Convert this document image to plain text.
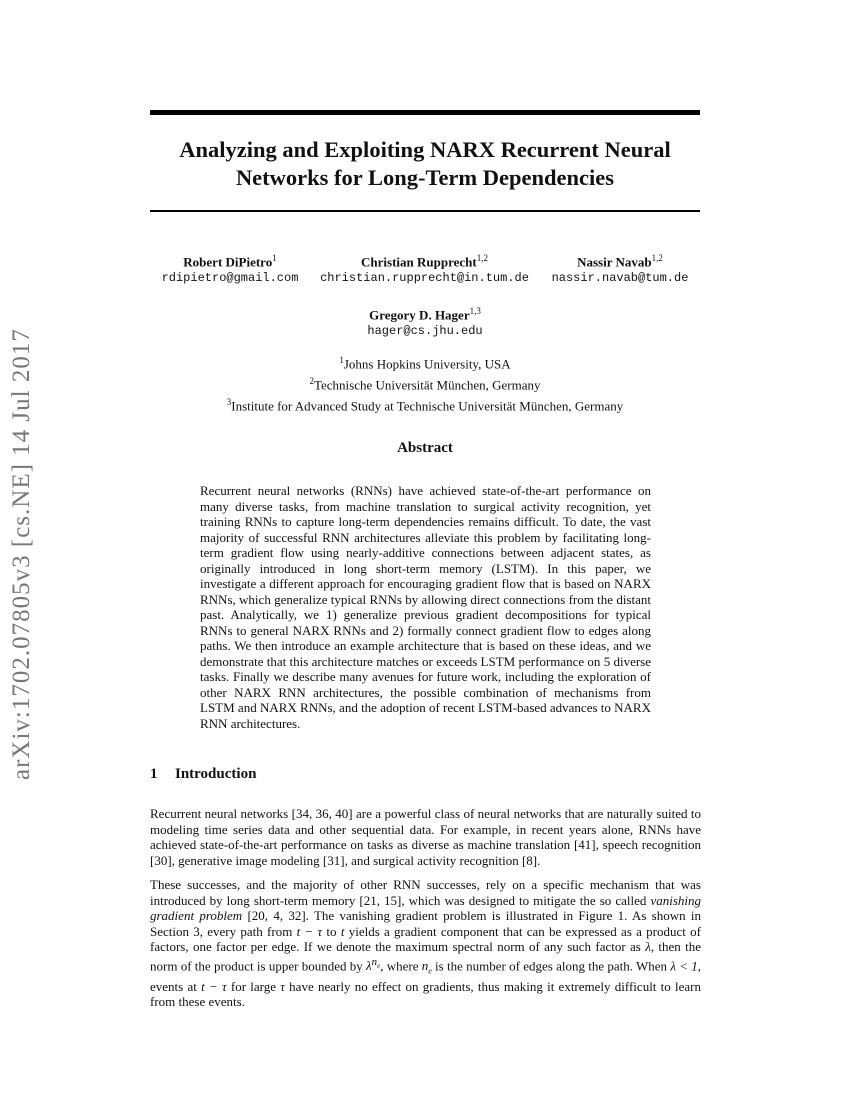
arXiv:1702.07805v3 [cs.NE] 14 Jul 2017
Analyzing and Exploiting NARX Recurrent Neural Networks for Long-Term Dependencies
Robert DiPietro$^1$
rdipietro@gmail.com
Christian Rupprecht$^{1,2}$
christian.rupprecht@in.tum.de
Nassir Navab$^{1,2}$
nassir.navab@tum.de
Gregory D. Hager$^{1,3}$
hager@cs.jhu.edu
$^1$Johns Hopkins University, USA
$^2$Technische Universität München, Germany
$^3$Institute for Advanced Study at Technische Universität München, Germany
Abstract

Recurrent neural networks (RNNs) have achieved state-of-the-art performance on many diverse tasks, from machine translation to surgical activity recognition, yet training RNNs to capture long-term dependencies remains difficult. To date, the vast majority of successful RNN architectures alleviate this problem by facilitating long-term gradient flow using nearly-additive connections between adjacent states, as originally introduced in long short-term memory (LSTM). In this paper, we investigate a different approach for encouraging gradient flow that is based on NARX RNNs, which generalize typical RNNs by allowing direct connections from the distant past. Analytically, we 1) generalize previous gradient decompositions for typical RNNs to general NARX RNNs and 2) formally connect gradient flow to edges along paths. We then introduce an example architecture that is based on these ideas, and we demonstrate that this architecture matches or exceeds LSTM performance on 5 diverse tasks. Finally we describe many avenues for future work, including the exploration of other NARX RNN architectures, the possible combination of mechanisms from LSTM and NARX RNNs, and the adoption of recent LSTM-based advances to NARX RNN architectures.

1 Introduction

Recurrent neural networks [34, 36, 40] are a powerful class of neural networks that are naturally suited to modeling time series data and other sequential data. For example, in recent years alone, RNNs have achieved state-of-the-art performance on tasks as diverse as machine translation [41], speech recognition [30], generative image modeling [31], and surgical activity recognition [8].

These successes, and the majority of other RNN successes, rely on a specific mechanism that was introduced by long short-term memory [21, 15], which was designed to mitigate the so called vanishing gradient problem [20, 4, 32]. The vanishing gradient problem is illustrated in Figure 1. As shown in Section 3, every path from t − τ to t yields a gradient component that can be expressed as a product of factors, one factor per edge. If we denote the maximum spectral norm of any such factor as λ, then the norm of the product is upper bounded by $\lambda^{n_e}$, where $n_e$ is the number of edges along the path. When λ < 1, events at t − τ for large τ have nearly no effect on gradients, thus making it extremely difficult to learn from these events.
